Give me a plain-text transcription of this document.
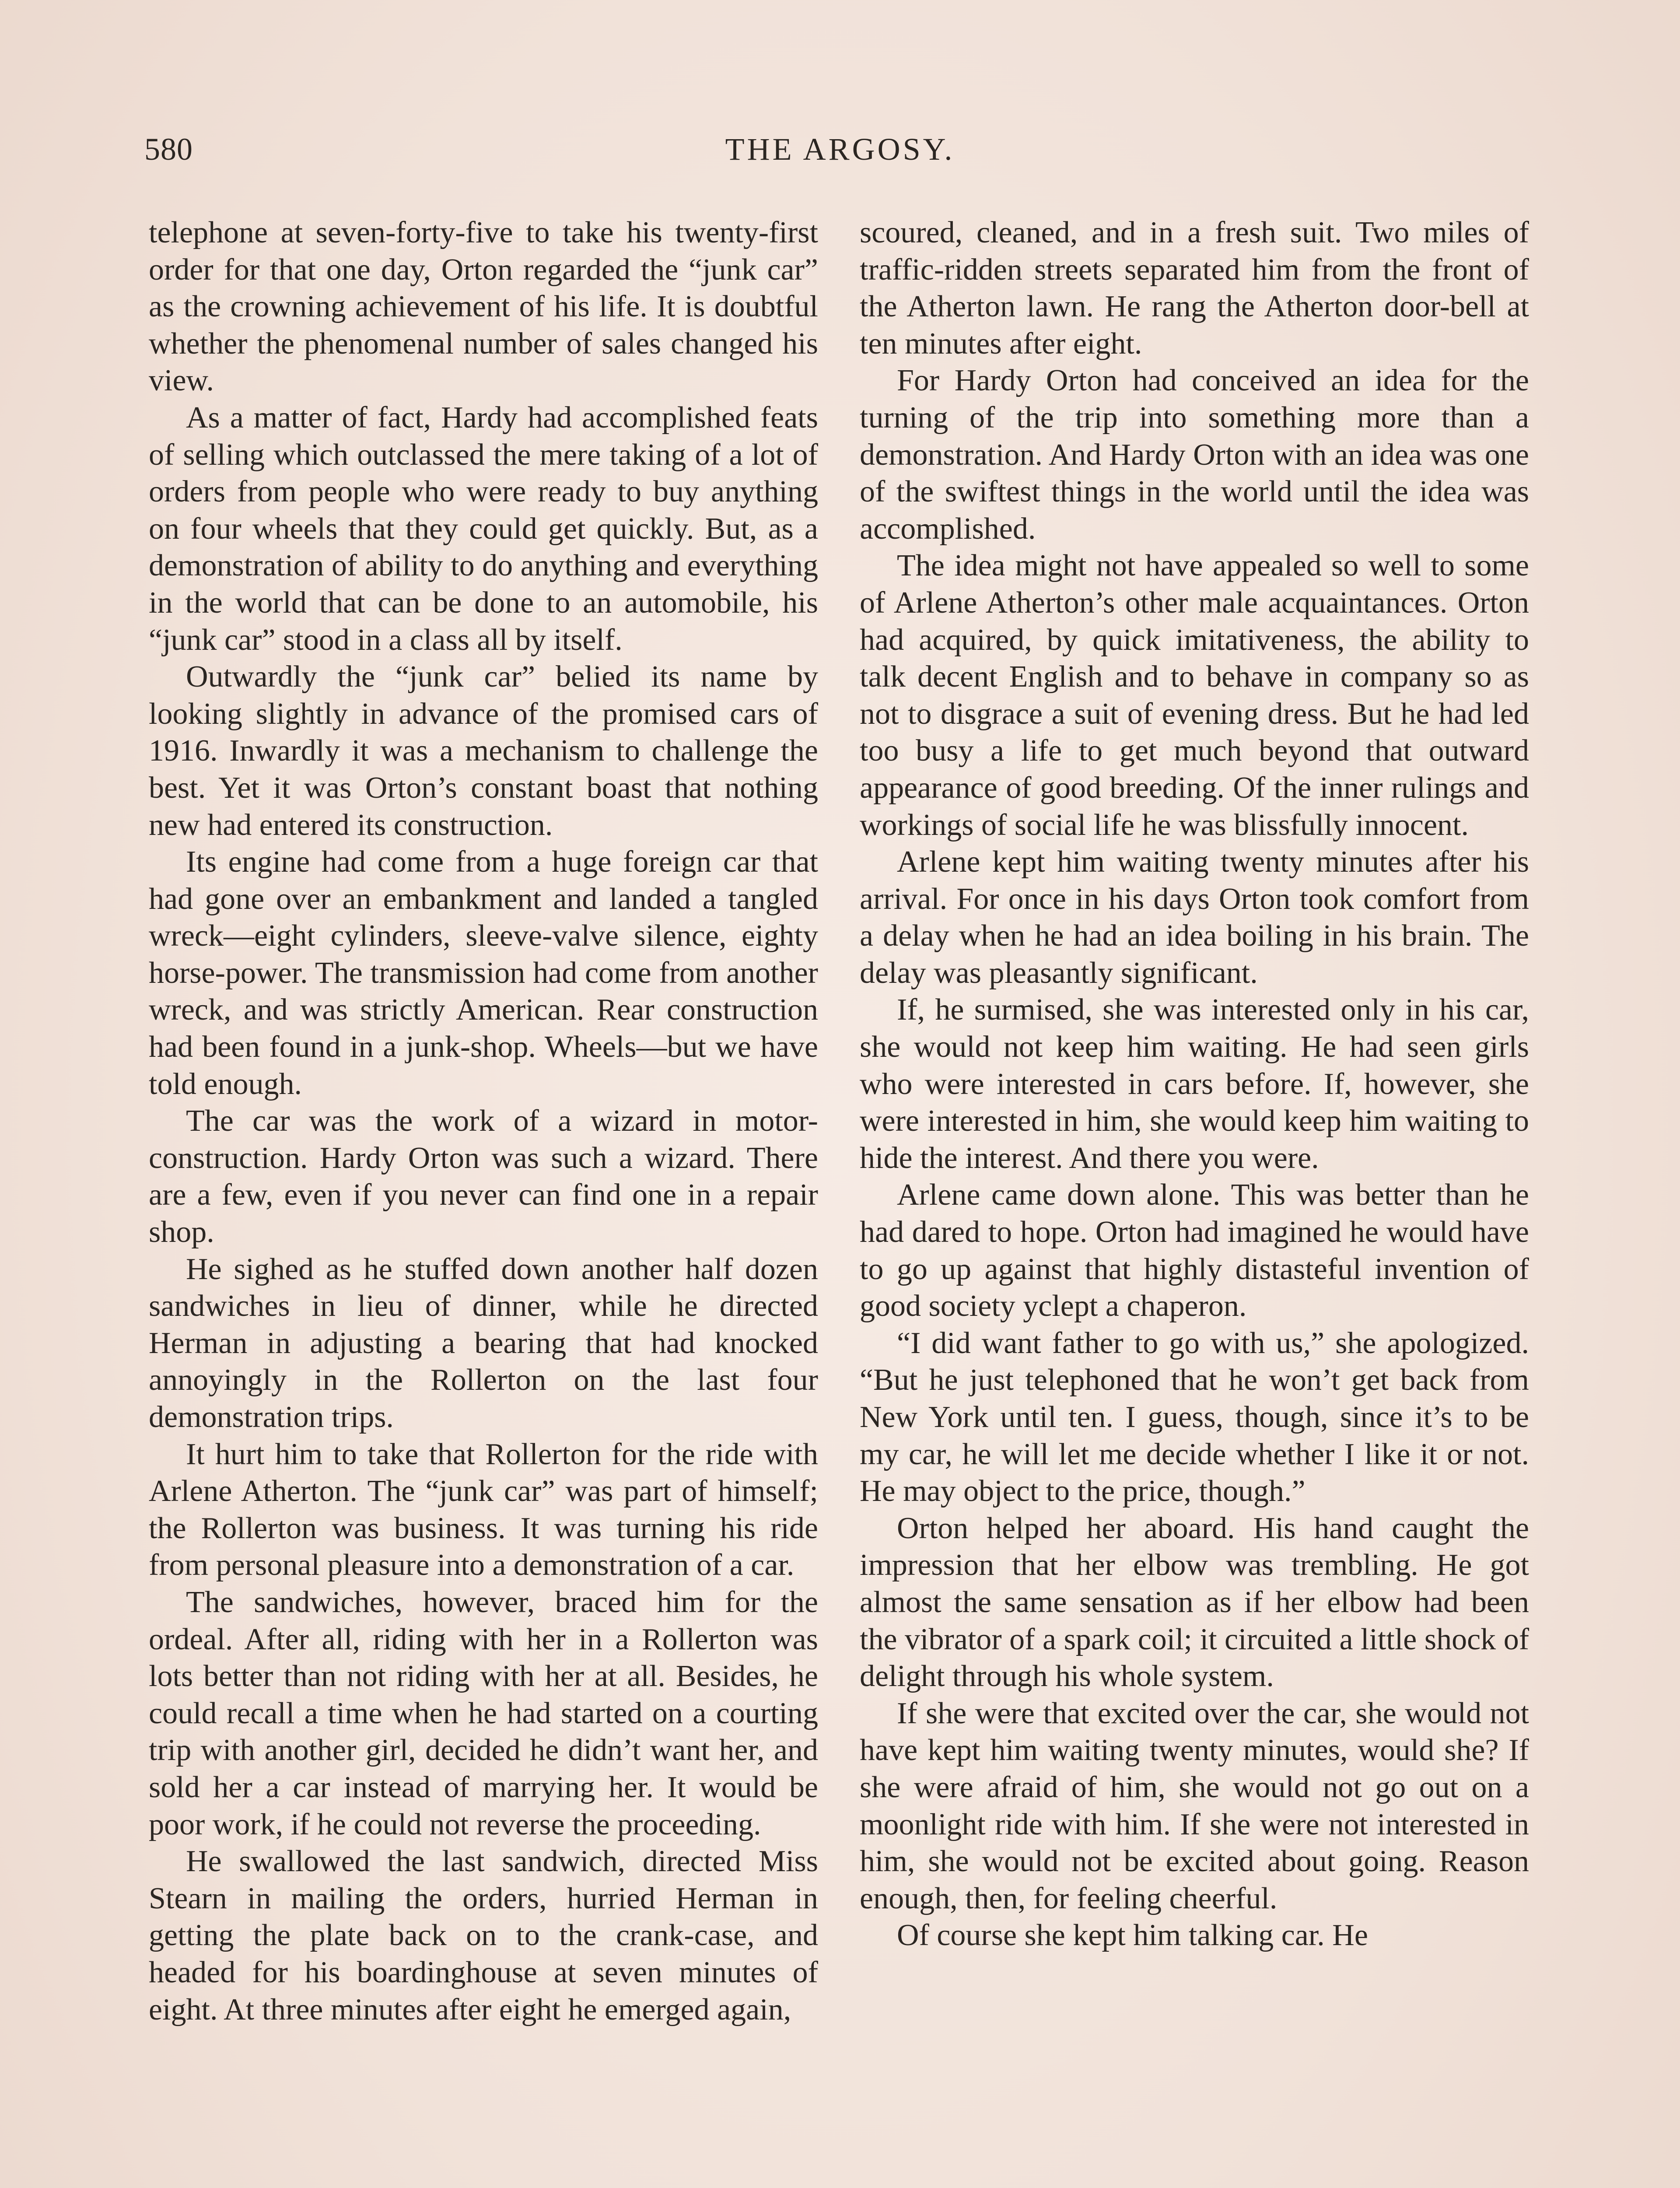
580	THE ARGOSY.

telephone at seven-forty-five to take his twenty-first order for that one day, Orton regarded the “junk car” as the crowning achievement of his life. It is doubtful whether the phenomenal number of sales changed his view.

As a matter of fact, Hardy had accomplished feats of selling which outclassed the mere taking of a lot of orders from people who were ready to buy anything on four wheels that they could get quickly. But, as a demonstration of ability to do anything and everything in the world that can be done to an automobile, his “junk car” stood in a class all by itself.

Outwardly the “junk car” belied its name by looking slightly in advance of the promised cars of 1916. Inwardly it was a mechanism to challenge the best. Yet it was Orton’s constant boast that nothing new had entered its construction.

Its engine had come from a huge foreign car that had gone over an embankment and landed a tangled wreck—eight cylinders, sleeve-valve silence, eighty horse-power. The transmission had come from another wreck, and was strictly American. Rear construction had been found in a junk-shop. Wheels—but we have told enough.

The car was the work of a wizard in motor-construction. Hardy Orton was such a wizard. There are a few, even if you never can find one in a repair shop.

He sighed as he stuffed down another half dozen sandwiches in lieu of dinner, while he directed Herman in adjusting a bearing that had knocked annoyingly in the Rollerton on the last four demonstration trips.

It hurt him to take that Rollerton for the ride with Arlene Atherton. The “junk car” was part of himself; the Rollerton was business. It was turning his ride from personal pleasure into a demonstration of a car.

The sandwiches, however, braced him for the ordeal. After all, riding with her in a Rollerton was lots better than not riding with her at all. Besides, he could recall a time when he had started on a courting trip with another girl, decided he didn’t want her, and sold her a car instead of marrying her. It would be poor work, if he could not reverse the proceeding.

He swallowed the last sandwich, directed Miss Stearn in mailing the orders, hurried Herman in getting the plate back on to the crank-case, and headed for his boardinghouse at seven minutes of eight. At three minutes after eight he emerged again,

scoured, cleaned, and in a fresh suit. Two miles of traffic-ridden streets separated him from the front of the Atherton lawn. He rang the Atherton door-bell at ten minutes after eight.

For Hardy Orton had conceived an idea for the turning of the trip into something more than a demonstration. And Hardy Orton with an idea was one of the swiftest things in the world until the idea was accomplished.

The idea might not have appealed so well to some of Arlene Atherton’s other male acquaintances. Orton had acquired, by quick imitativeness, the ability to talk decent English and to behave in company so as not to disgrace a suit of evening dress. But he had led too busy a life to get much beyond that outward appearance of good breeding. Of the inner rulings and workings of social life he was blissfully innocent.

Arlene kept him waiting twenty minutes after his arrival. For once in his days Orton took comfort from a delay when he had an idea boiling in his brain. The delay was pleasantly significant.

If, he surmised, she was interested only in his car, she would not keep him waiting. He had seen girls who were interested in cars before. If, however, she were interested in him, she would keep him waiting to hide the interest. And there you were.

Arlene came down alone. This was better than he had dared to hope. Orton had imagined he would have to go up against that highly distasteful invention of good society yclept a chaperon.

“I did want father to go with us,” she apologized. “But he just telephoned that he won’t get back from New York until ten. I guess, though, since it’s to be my car, he will let me decide whether I like it or not. He may object to the price, though.”

Orton helped her aboard. His hand caught the impression that her elbow was trembling. He got almost the same sensation as if her elbow had been the vibrator of a spark coil; it circuited a little shock of delight through his whole system.

If she were that excited over the car, she would not have kept him waiting twenty minutes, would she? If she were afraid of him, she would not go out on a moonlight ride with him. If she were not interested in him, she would not be excited about going. Reason enough, then, for feeling cheerful.

Of course she kept him talking car. He
